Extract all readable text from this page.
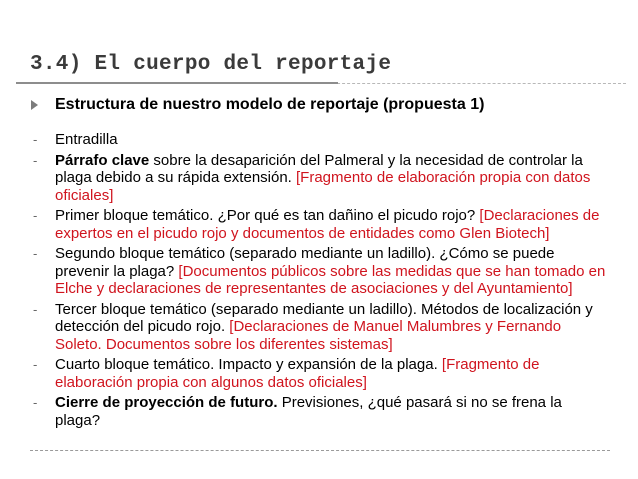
3.4) El cuerpo del reportaje
Estructura de nuestro modelo de reportaje (propuesta 1)
- Entradilla
- Párrafo clave sobre la desaparición del Palmeral y la necesidad de controlar la plaga debido a su rápida extensión. [Fragmento de elaboración propia con datos oficiales]
- Primer bloque temático. ¿Por qué es tan dañino el picudo rojo? [Declaraciones de expertos en el picudo rojo y documentos de entidades como Glen Biotech]
- Segundo bloque temático (separado mediante un ladillo). ¿Cómo se puede prevenir la plaga? [Documentos públicos sobre las medidas que se han tomado en Elche y declaraciones de representantes de asociaciones y del Ayuntamiento]
- Tercer bloque temático (separado mediante un ladillo). Métodos de localización y detección del picudo rojo. [Declaraciones de Manuel Malumbres y Fernando Soleto. Documentos sobre los diferentes sistemas]
- Cuarto bloque temático. Impacto y expansión de la plaga. [Fragmento de elaboración propia con algunos datos oficiales]
- Cierre de proyección de futuro. Previsiones, ¿qué pasará si no se frena la plaga?
